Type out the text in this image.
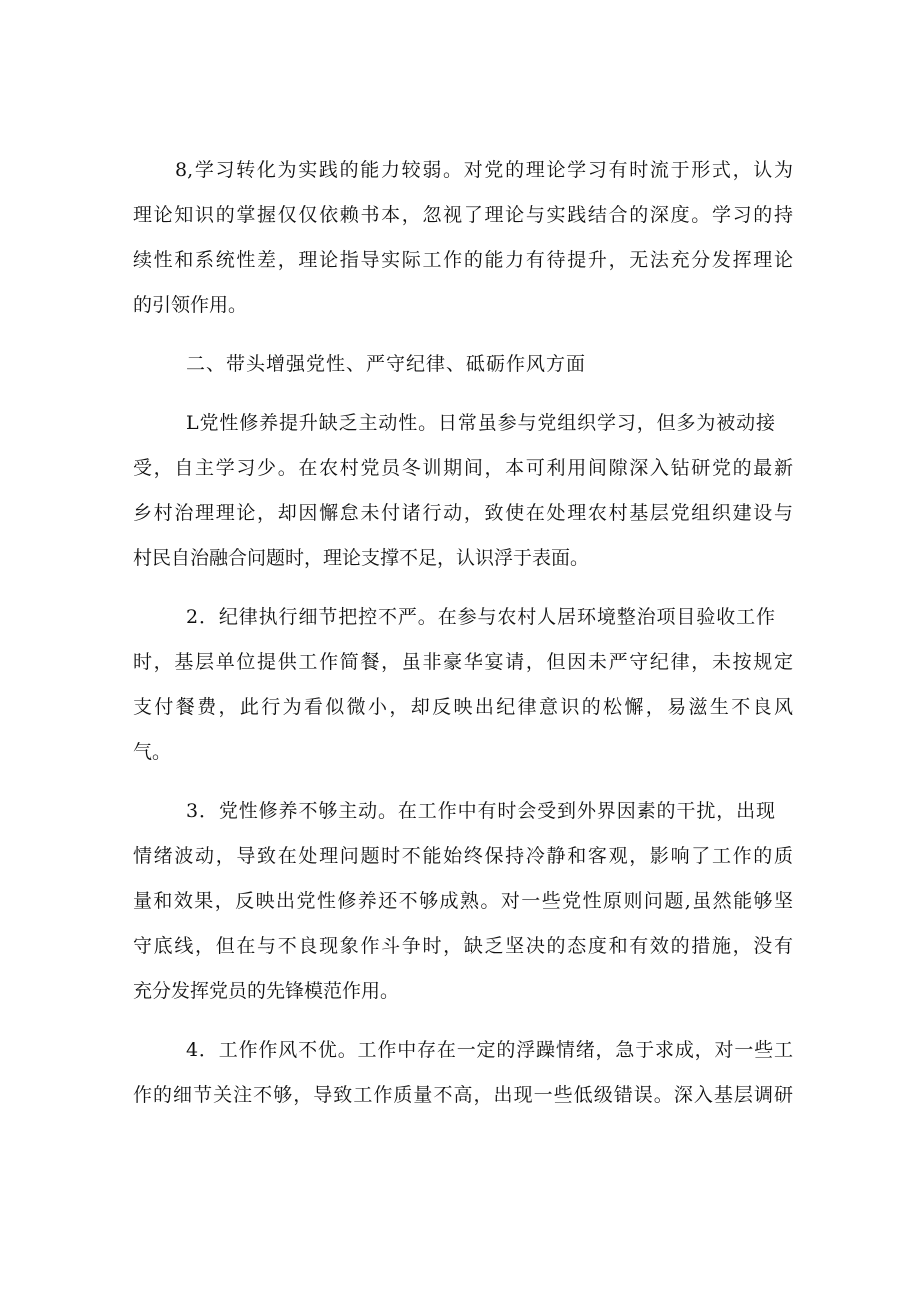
8,学习转化为实践的能力较弱。对党的理论学习有时流于形式，认为
理论知识的掌握仅仅依赖书本，忽视了理论与实践结合的深度。学习的持
续性和系统性差，理论指导实际工作的能力有待提升，无法充分发挥理论
的引领作用。
二、带头增强党性、严守纪律、砥砺作风方面
L党性修养提升缺乏主动性。日常虽参与党组织学习，但多为被动接
受，自主学习少。在农村党员冬训期间，本可利用间隙深入钻研党的最新
乡村治理理论，却因懈怠未付诸行动，致使在处理农村基层党组织建设与
村民自治融合问题时，理论支撑不足，认识浮于表面。
2．纪律执行细节把控不严。在参与农村人居环境整治项目验收工作
时，基层单位提供工作简餐，虽非豪华宴请，但因未严守纪律，未按规定
支付餐费，此行为看似微小，却反映出纪律意识的松懈，易滋生不良风
气。
3．党性修养不够主动。在工作中有时会受到外界因素的干扰，出现
情绪波动，导致在处理问题时不能始终保持冷静和客观，影响了工作的质
量和效果，反映出党性修养还不够成熟。对一些党性原则问题,虽然能够坚
守底线，但在与不良现象作斗争时，缺乏坚决的态度和有效的措施，没有
充分发挥党员的先锋模范作用。
4．工作作风不优。工作中存在一定的浮躁情绪，急于求成，对一些工
作的细节关注不够，导致工作质量不高，出现一些低级错误。深入基层调研
